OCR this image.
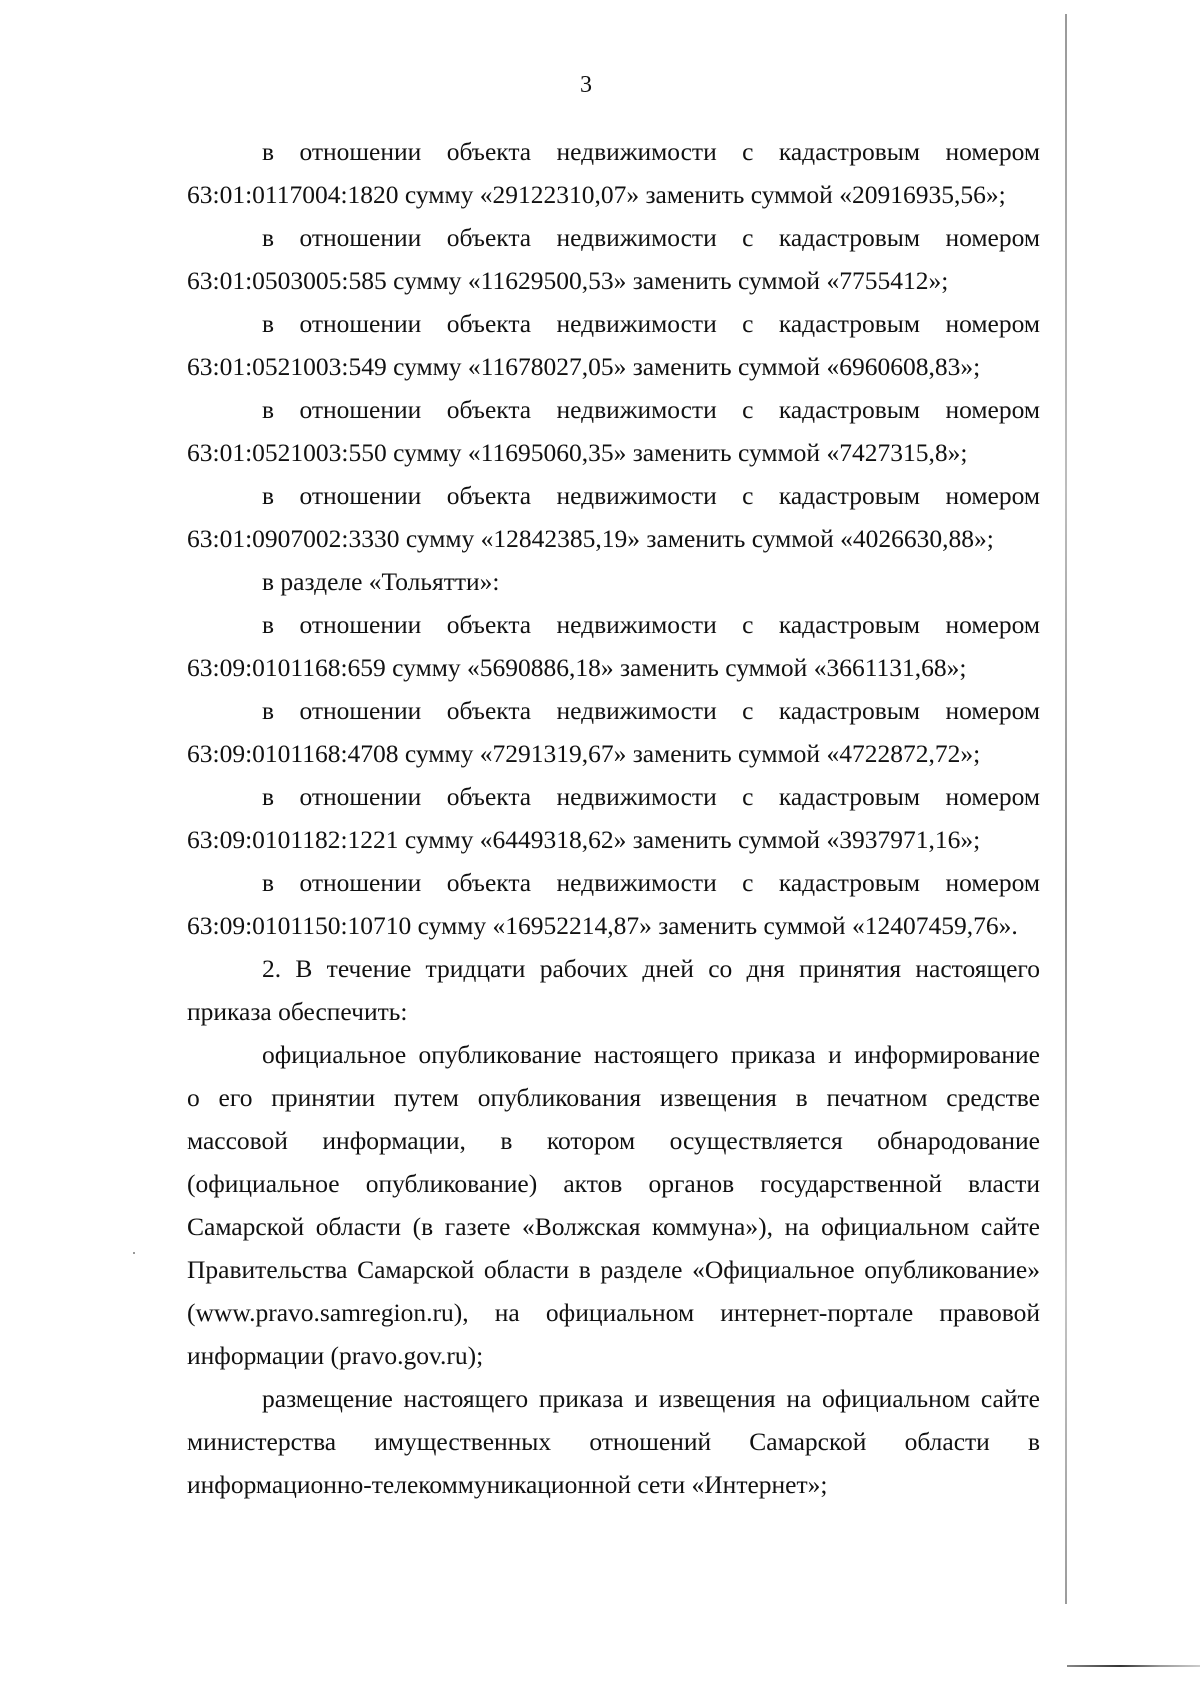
3
в отношении объекта недвижимости с кадастровым номером
63:01:0117004:1820 сумму «29122310,07» заменить суммой «20916935,56»;
в отношении объекта недвижимости с кадастровым номером
63:01:0503005:585 сумму «11629500,53» заменить суммой «7755412»;
в отношении объекта недвижимости с кадастровым номером
63:01:0521003:549 сумму «11678027,05» заменить суммой «6960608,83»;
в отношении объекта недвижимости с кадастровым номером
63:01:0521003:550 сумму «11695060,35» заменить суммой «7427315,8»;
в отношении объекта недвижимости с кадастровым номером
63:01:0907002:3330 сумму «12842385,19» заменить суммой «4026630,88»;
в разделе «Тольятти»:
в отношении объекта недвижимости с кадастровым номером
63:09:0101168:659 сумму «5690886,18» заменить суммой «3661131,68»;
в отношении объекта недвижимости с кадастровым номером
63:09:0101168:4708 сумму «7291319,67» заменить суммой «4722872,72»;
в отношении объекта недвижимости с кадастровым номером
63:09:0101182:1221 сумму «6449318,62» заменить суммой «3937971,16»;
в отношении объекта недвижимости с кадастровым номером
63:09:0101150:10710 сумму «16952214,87» заменить суммой «12407459,76».
2. В течение тридцати рабочих дней со дня принятия настоящего
приказа обеспечить:
официальное опубликование настоящего приказа и информирование
о его принятии путем опубликования извещения в печатном средстве
массовой информации, в котором осуществляется обнародование
(официальное опубликование) актов органов государственной власти
Самарской области (в газете «Волжская коммуна»), на официальном сайте
Правительства Самарской области в разделе «Официальное опубликование»
(www.pravo.samregion.ru), на официальном интернет-портале правовой
информации (pravo.gov.ru);
размещение настоящего приказа и извещения на официальном сайте
министерства имущественных отношений Самарской области в
информационно-телекоммуникационной сети «Интернет»;
